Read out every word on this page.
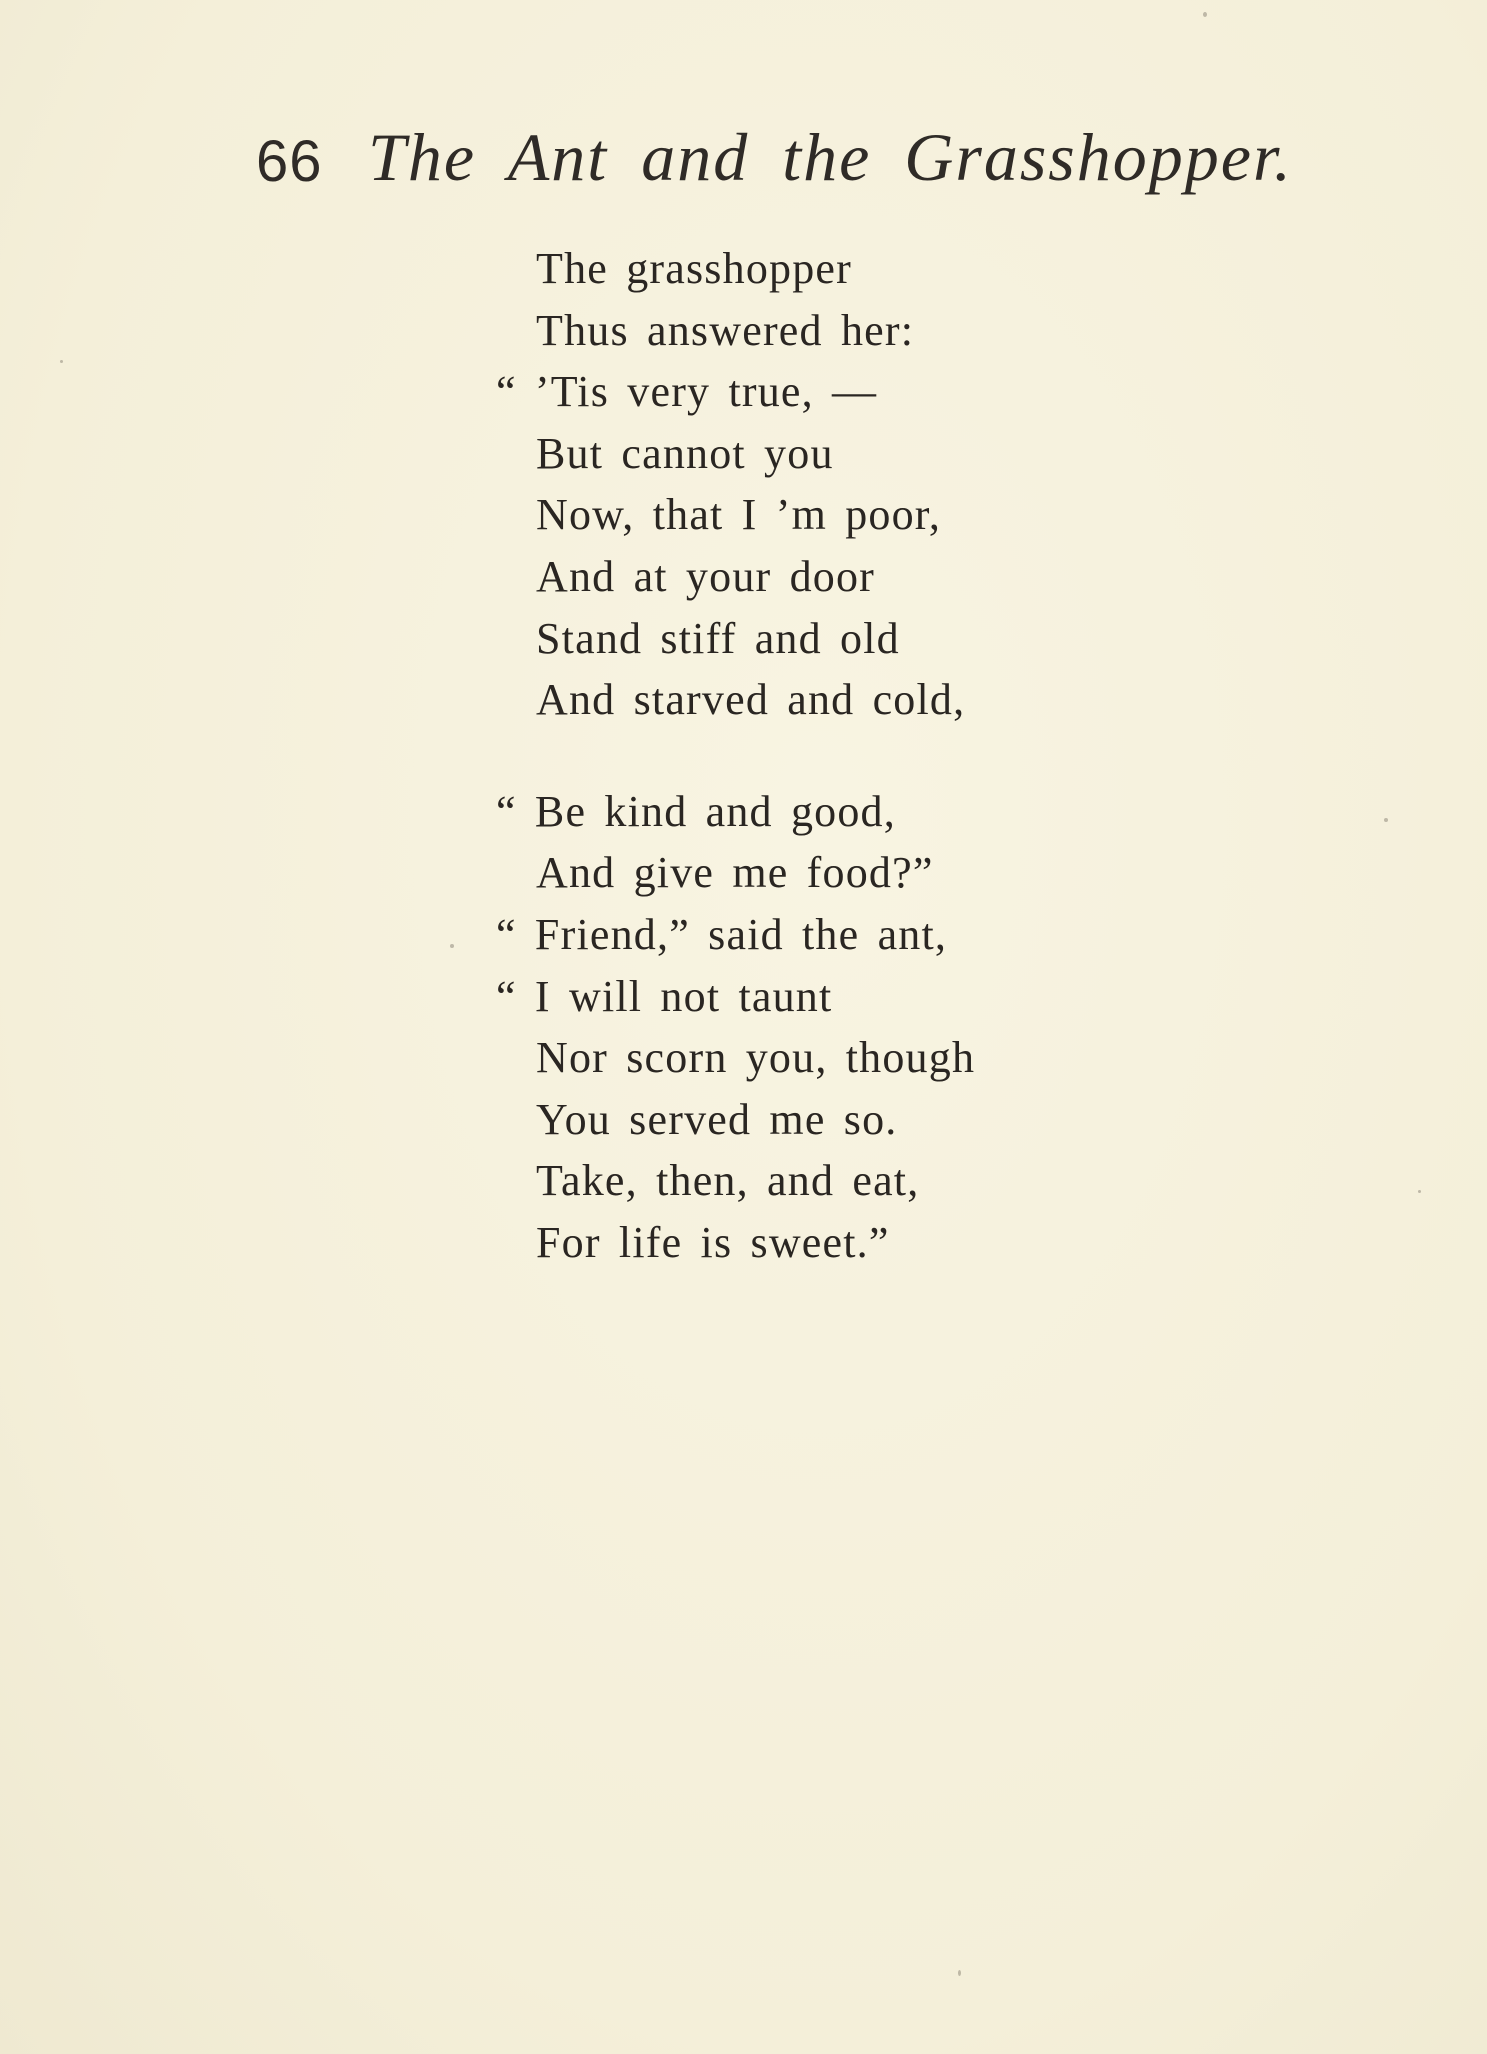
66 The Ant and the Grasshopper.
The grasshopper
Thus answered her:
“ ’Tis very true, —
But cannot you
Now, that I ’m poor,
And at your door
Stand stiff and old
And starved and cold,
“ Be kind and good,
And give me food?”
“ Friend,” said the ant,
“ I will not taunt
Nor scorn you, though
You served me so.
Take, then, and eat,
For life is sweet.”
